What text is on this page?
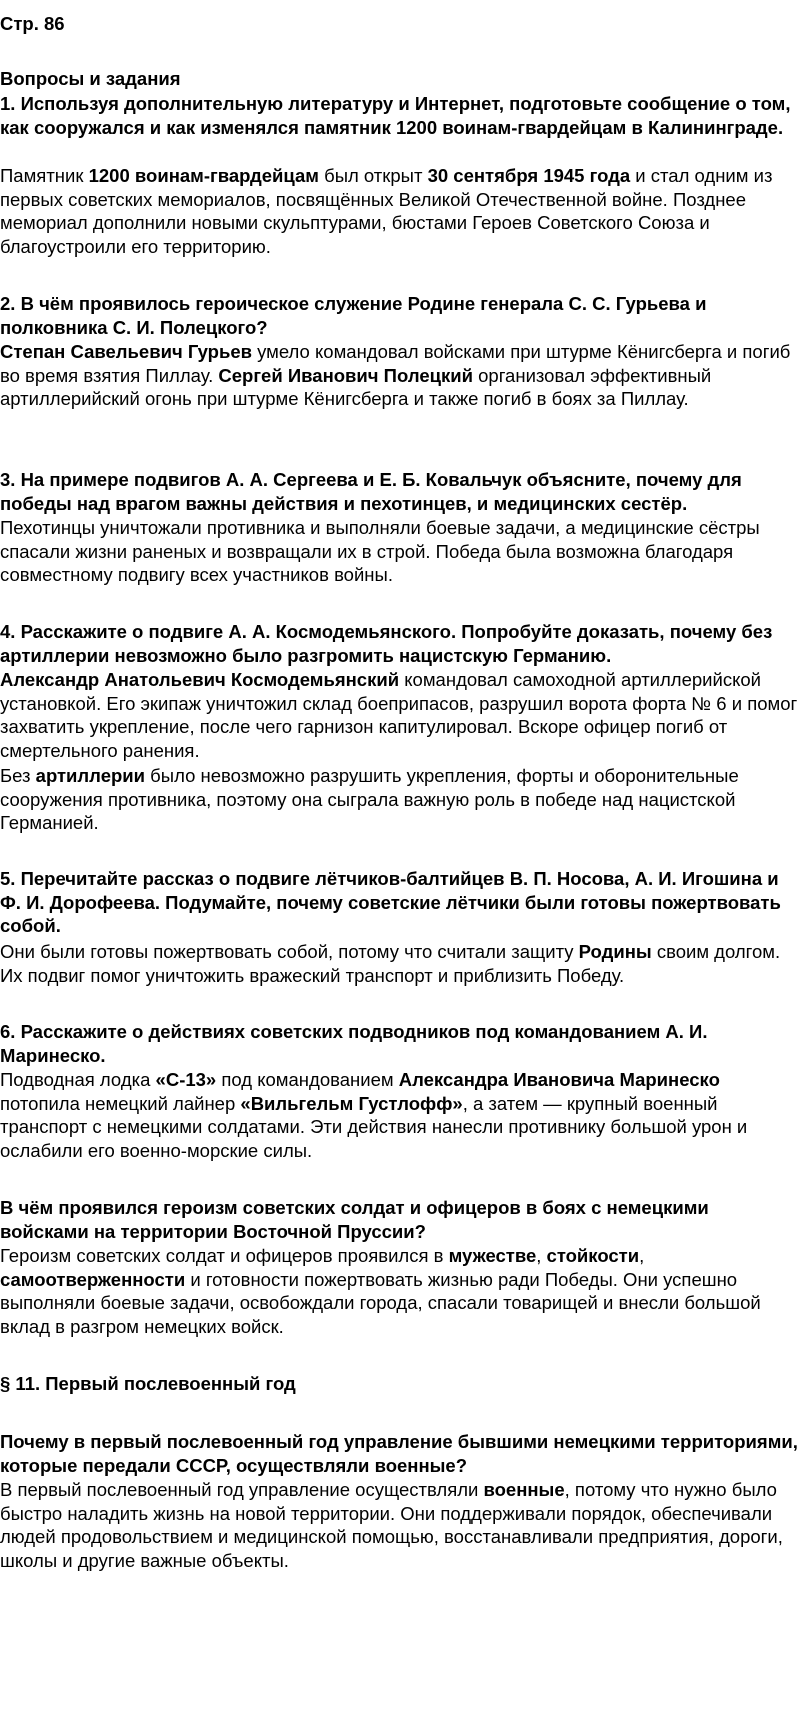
Стр. 86
Вопросы и задания
1. Используя дополнительную литературу и Интернет, подготовьте сообщение о том, как сооружался и как изменялся памятник 1200 воинам-гвардейцам в Калининграде.

Памятник 1200 воинам-гвардейцам был открыт 30 сентября 1945 года и стал одним из первых советских мемориалов, посвящённых Великой Отечественной войне. Позднее мемориал дополнили новыми скульптурами, бюстами Героев Советского Союза и благоустроили его территорию.

2. В чём проявилось героическое служение Родине генерала С. С. Гурьева и полковника С. И. Полецкого?

Степан Савельевич Гурьев умело командовал войсками при штурме Кёнигсберга и погиб во время взятия Пиллау. Сергей Иванович Полецкий организовал эффективный артиллерийский огонь при штурме Кёнигсберга и также погиб в боях за Пиллау.

3. На примере подвигов А. А. Сергеева и Е. Б. Ковальчук объясните, почему для победы над врагом важны действия и пехотинцев, и медицинских сестёр.

Пехотинцы уничтожали противника и выполняли боевые задачи, а медицинские сёстры спасали жизни раненых и возвращали их в строй. Победа была возможна благодаря совместному подвигу всех участников войны.

4. Расскажите о подвиге А. А. Космодемьянского. Попробуйте доказать, почему без артиллерии невозможно было разгромить нацистскую Германию.

Александр Анатольевич Космодемьянский командовал самоходной артиллерийской установкой. Его экипаж уничтожил склад боеприпасов, разрушил ворота форта № 6 и помог захватить укрепление, после чего гарнизон капитулировал. Вскоре офицер погиб от смертельного ранения.

Без артиллерии было невозможно разрушить укрепления, форты и оборонительные сооружения противника, поэтому она сыграла важную роль в победе над нацистской Германией.

5. Перечитайте рассказ о подвиге лётчиков-балтийцев В. П. Носова, А. И. Игошина и Ф. И. Дорофеева. Подумайте, почему советские лётчики были готовы пожертвовать собой.

Они были готовы пожертвовать собой, потому что считали защиту Родины своим долгом. Их подвиг помог уничтожить вражеский транспорт и приблизить Победу.

6. Расскажите о действиях советских подводников под командованием А. И. Маринеско.

Подводная лодка «С-13» под командованием Александра Ивановича Маринеско потопила немецкий лайнер «Вильгельм Густлофф», а затем — крупный военный транспорт с немецкими солдатами. Эти действия нанесли противнику большой урон и ослабили его военно-морские силы.

В чём проявился героизм советских солдат и офицеров в боях с немецкими войсками на территории Восточной Пруссии?

Героизм советских солдат и офицеров проявился в мужестве, стойкости, самоотверженности и готовности пожертвовать жизнью ради Победы. Они успешно выполняли боевые задачи, освобождали города, спасали товарищей и внесли большой вклад в разгром немецких войск.

§ 11. Первый послевоенный год
Почему в первый послевоенный год управление бывшими немецкими территориями, которые передали СССР, осуществляли военные?

В первый послевоенный год управление осуществляли военные, потому что нужно было быстро наладить жизнь на новой территории. Они поддерживали порядок, обеспечивали людей продовольствием и медицинской помощью, восстанавливали предприятия, дороги, школы и другие важные объекты.
